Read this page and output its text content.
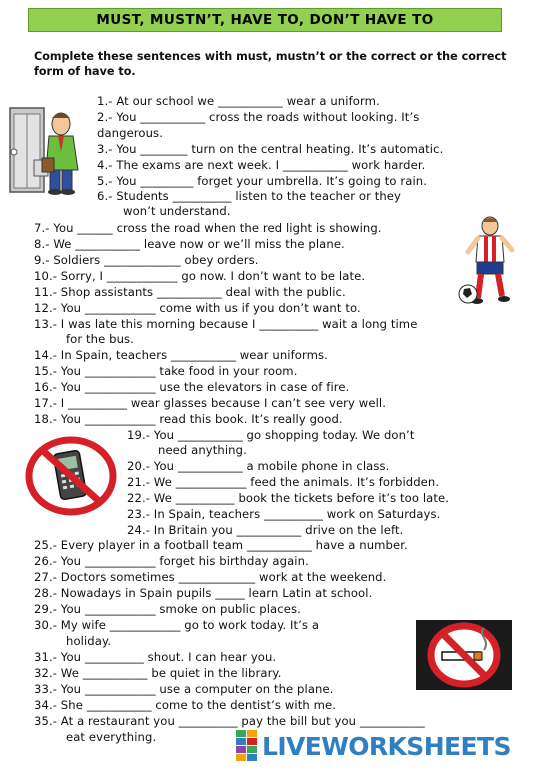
MUST, MUSTN’T, HAVE TO, DON’T HAVE TO
Complete these sentences with must, mustn’t or the correct or the correct form of have to.
1.- At our school we ___________ wear a uniform.
2.- You ___________ cross the roads without looking. It’s
dangerous.
3.- You ________ turn on the central heating. It’s automatic.
4.- The exams are next week. I ___________ work harder.
5.- You _________ forget your umbrella. It’s going to rain.
6.- Students __________ listen to the teacher or they
won’t understand.
7.- You ______ cross the road when the red light is showing.
8.- We ___________ leave now or we’ll miss the plane.
9.- Soldiers _____________ obey orders.
10.- Sorry, I ____________ go now. I don’t want to be late.
11.- Shop assistants ___________ deal with the public.
12.- You ____________ come with us if you don’t want to.
13.- I was late this morning because I __________ wait a long time
for the bus.
14.- In Spain, teachers ___________ wear uniforms.
15.- You ____________ take food in your room.
16.- You ____________ use the elevators in case of fire.
17.- I __________ wear glasses because I can’t see very well.
18.- You ____________ read this book. It’s really good.
19.- You ___________ go shopping today. We don’t
need anything.
20.- You ___________ a mobile phone in class.
21.- We ____________ feed the animals. It’s forbidden.
22.- We __________ book the tickets before it’s too late.
23.- In Spain, teachers __________ work on Saturdays.
24.- In Britain you ___________ drive on the left.
25.- Every player in a football team ___________ have a number.
26.- You ____________ forget his birthday again.
27.- Doctors sometimes _____________ work at the weekend.
28.- Nowadays in Spain pupils _____ learn Latin at school.
29.- You ____________ smoke on public places.
30.- My wife ____________ go to work today. It’s a
holiday.
31.- You __________ shout. I can hear you.
32.- We ___________ be quiet in the library.
33.- You ____________ use a computer on the plane.
34.- She ___________ come to the dentist’s with me.
35.- At a restaurant you __________ pay the bill but you ___________
eat everything.	LIVEWORKSHEETS
